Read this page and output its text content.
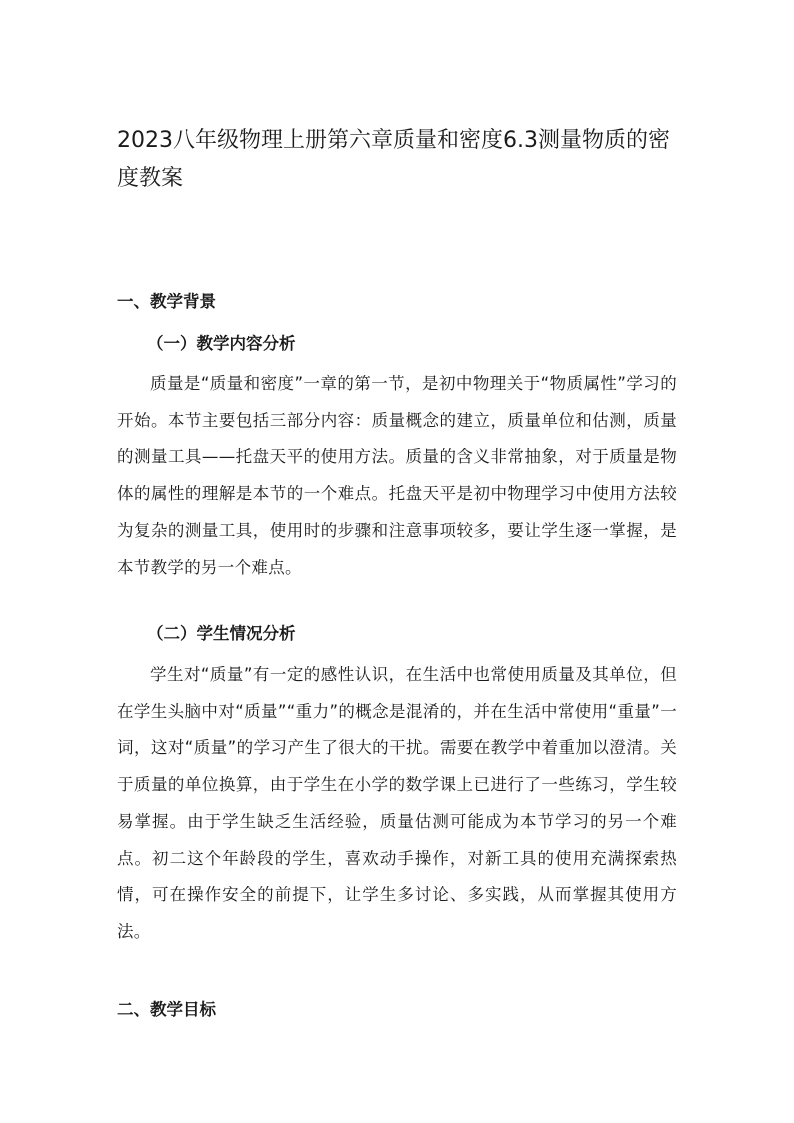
2023八年级物理上册第六章质量和密度6.3测量物质的密度教案
一、教学背景
（一）教学内容分析

质量是“质量和密度”一章的第一节，是初中物理关于“物质属性”学习的开始。本节主要包括三部分内容：质量概念的建立，质量单位和估测，质量的测量工具——托盘天平的使用方法。质量的含义非常抽象，对于质量是物体的属性的理解是本节的一个难点。托盘天平是初中物理学习中使用方法较为复杂的测量工具，使用时的步骤和注意事项较多，要让学生逐一掌握，是本节教学的另一个难点。

（二）学生情况分析

学生对“质量”有一定的感性认识，在生活中也常使用质量及其单位，但在学生头脑中对“质量”“重力”的概念是混淆的，并在生活中常使用“重量”一词，这对“质量”的学习产生了很大的干扰。需要在教学中着重加以澄清。关于质量的单位换算，由于学生在小学的数学课上已进行了一些练习，学生较易掌握。由于学生缺乏生活经验，质量估测可能成为本节学习的另一个难点。初二这个年龄段的学生，喜欢动手操作，对新工具的使用充满探索热情，可在操作安全的前提下，让学生多讨论、多实践，从而掌握其使用方法。

二、教学目标
